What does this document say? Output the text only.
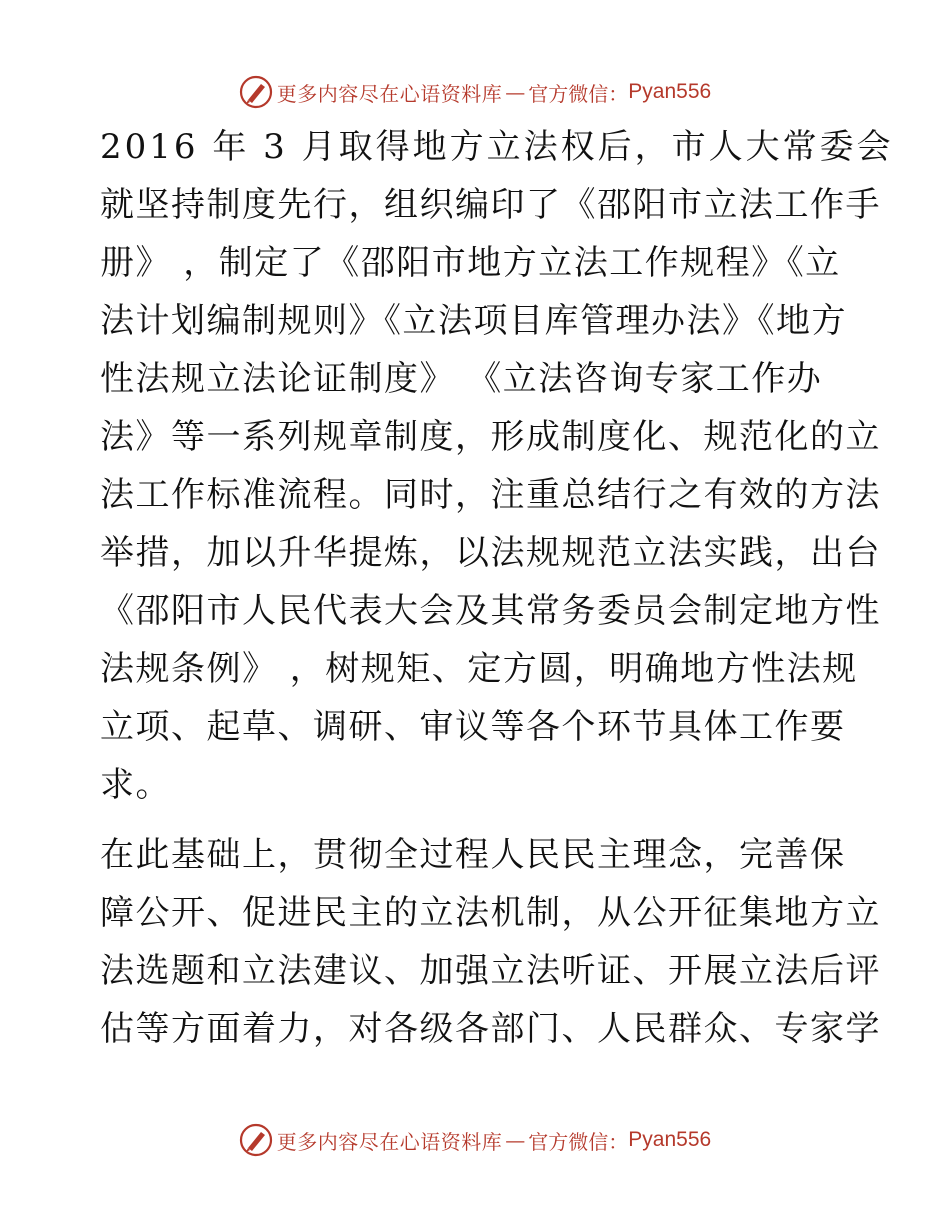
更多内容尽在心语资料库 — 官方微信： Pyan556
2016 年 3 月取得地方立法权后，市人大常委会
就坚持制度先行，组织编印了《邵阳市立法工作手
册》 ，制定了《邵阳市地方立法工作规程》《立
法计划编制规则》《立法项目库管理办法》《地方
性法规立法论证制度》 《立法咨询专家工作办
法》等一系列规章制度，形成制度化、规范化的立
法工作标准流程。同时，注重总结行之有效的方法
举措，加以升华提炼，以法规规范立法实践，出台
《邵阳市人民代表大会及其常务委员会制定地方性
法规条例》 ，树规矩、定方圆，明确地方性法规
立项、起草、调研、审议等各个环节具体工作要
求。
在此基础上，贯彻全过程人民民主理念，完善保
障公开、促进民主的立法机制，从公开征集地方立
法选题和立法建议、加强立法听证、开展立法后评
估等方面着力，对各级各部门、人民群众、专家学
更多内容尽在心语资料库 — 官方微信： Pyan556
